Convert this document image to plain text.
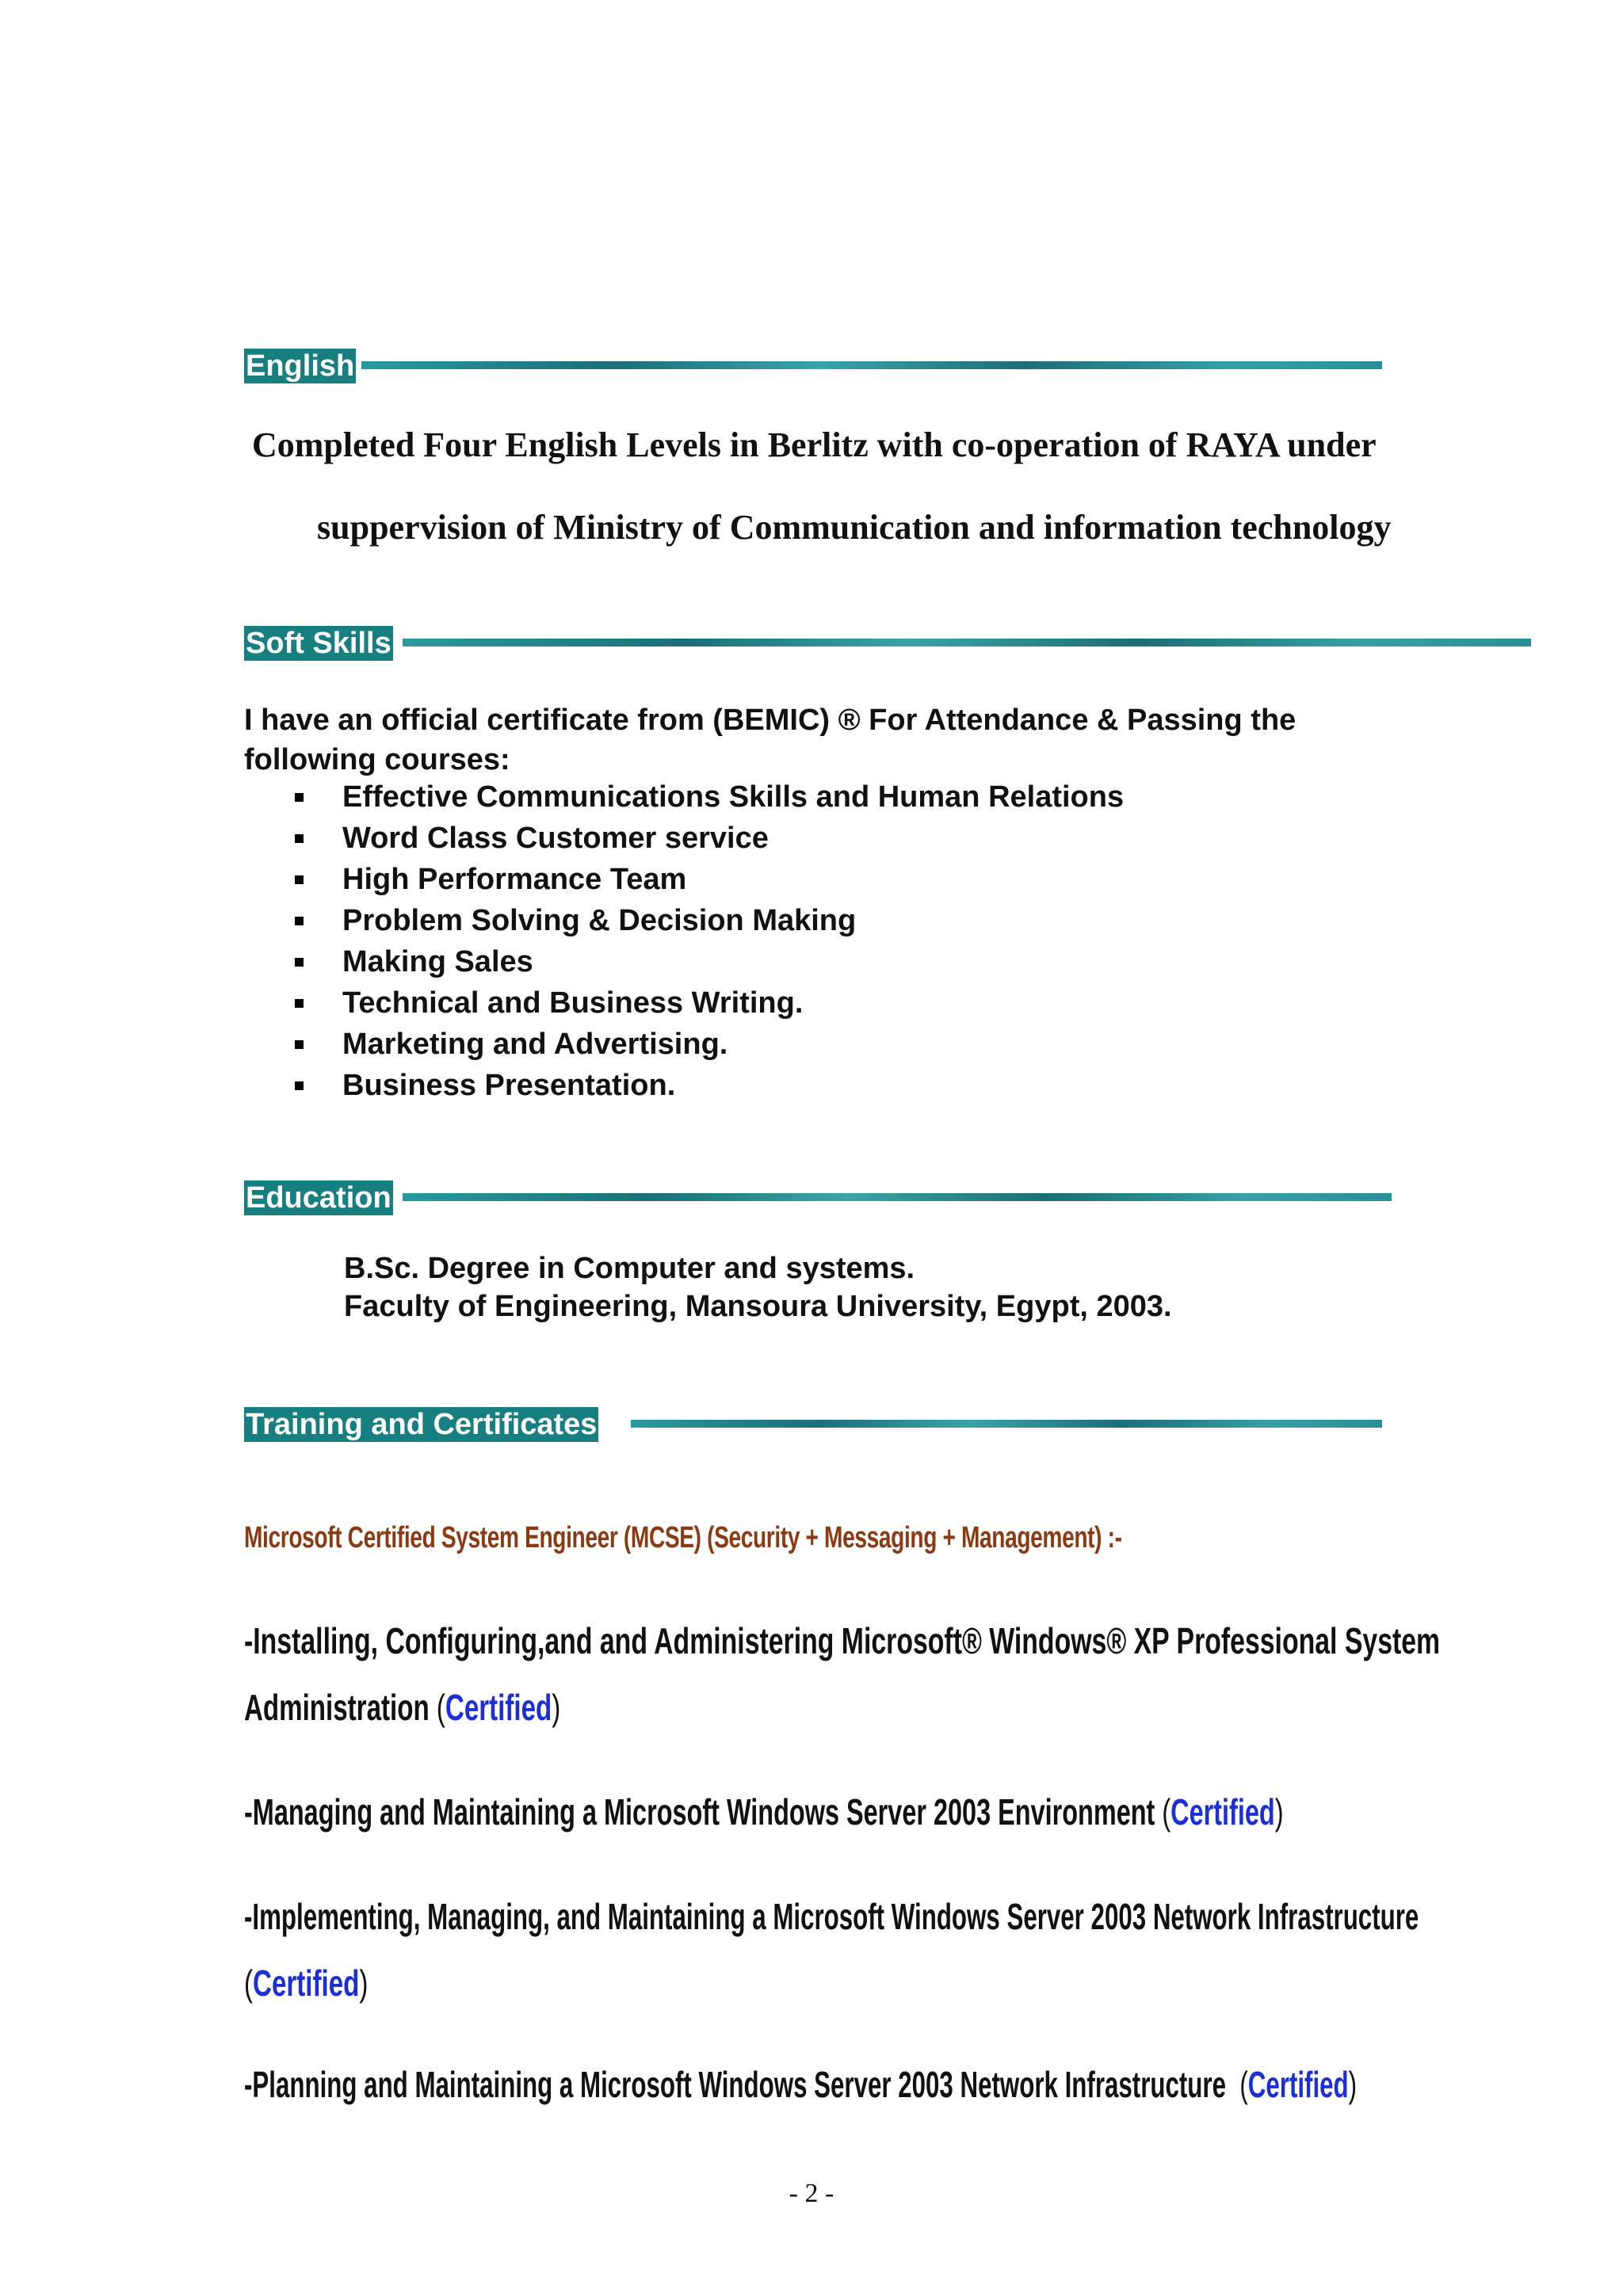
English
Completed Four English Levels in Berlitz with co-operation of RAYA under
suppervision of Ministry of Communication and information technology
Soft Skills
I have an official certificate from (BEMIC) ® For Attendance & Passing the following courses:
Effective Communications Skills and Human Relations
Word Class Customer service
High Performance Team
Problem Solving & Decision Making
Making Sales
Technical and Business Writing.
Marketing and Advertising.
Business Presentation.
Education
B.Sc. Degree in Computer and systems.
Faculty of Engineering, Mansoura University, Egypt, 2003.
Training and Certificates
Microsoft Certified System Engineer (MCSE) (Security + Messaging + Management) :-
-Installing, Configuring,and and Administering Microsoft® Windows® XP Professional System
Administration (Certified)
-Managing and Maintaining a Microsoft Windows Server 2003 Environment (Certified)
-Implementing, Managing, and Maintaining a Microsoft Windows Server 2003 Network Infrastructure
(Certified)
-Planning and Maintaining a Microsoft Windows Server 2003 Network Infrastructure  (Certified)
- 2 -
